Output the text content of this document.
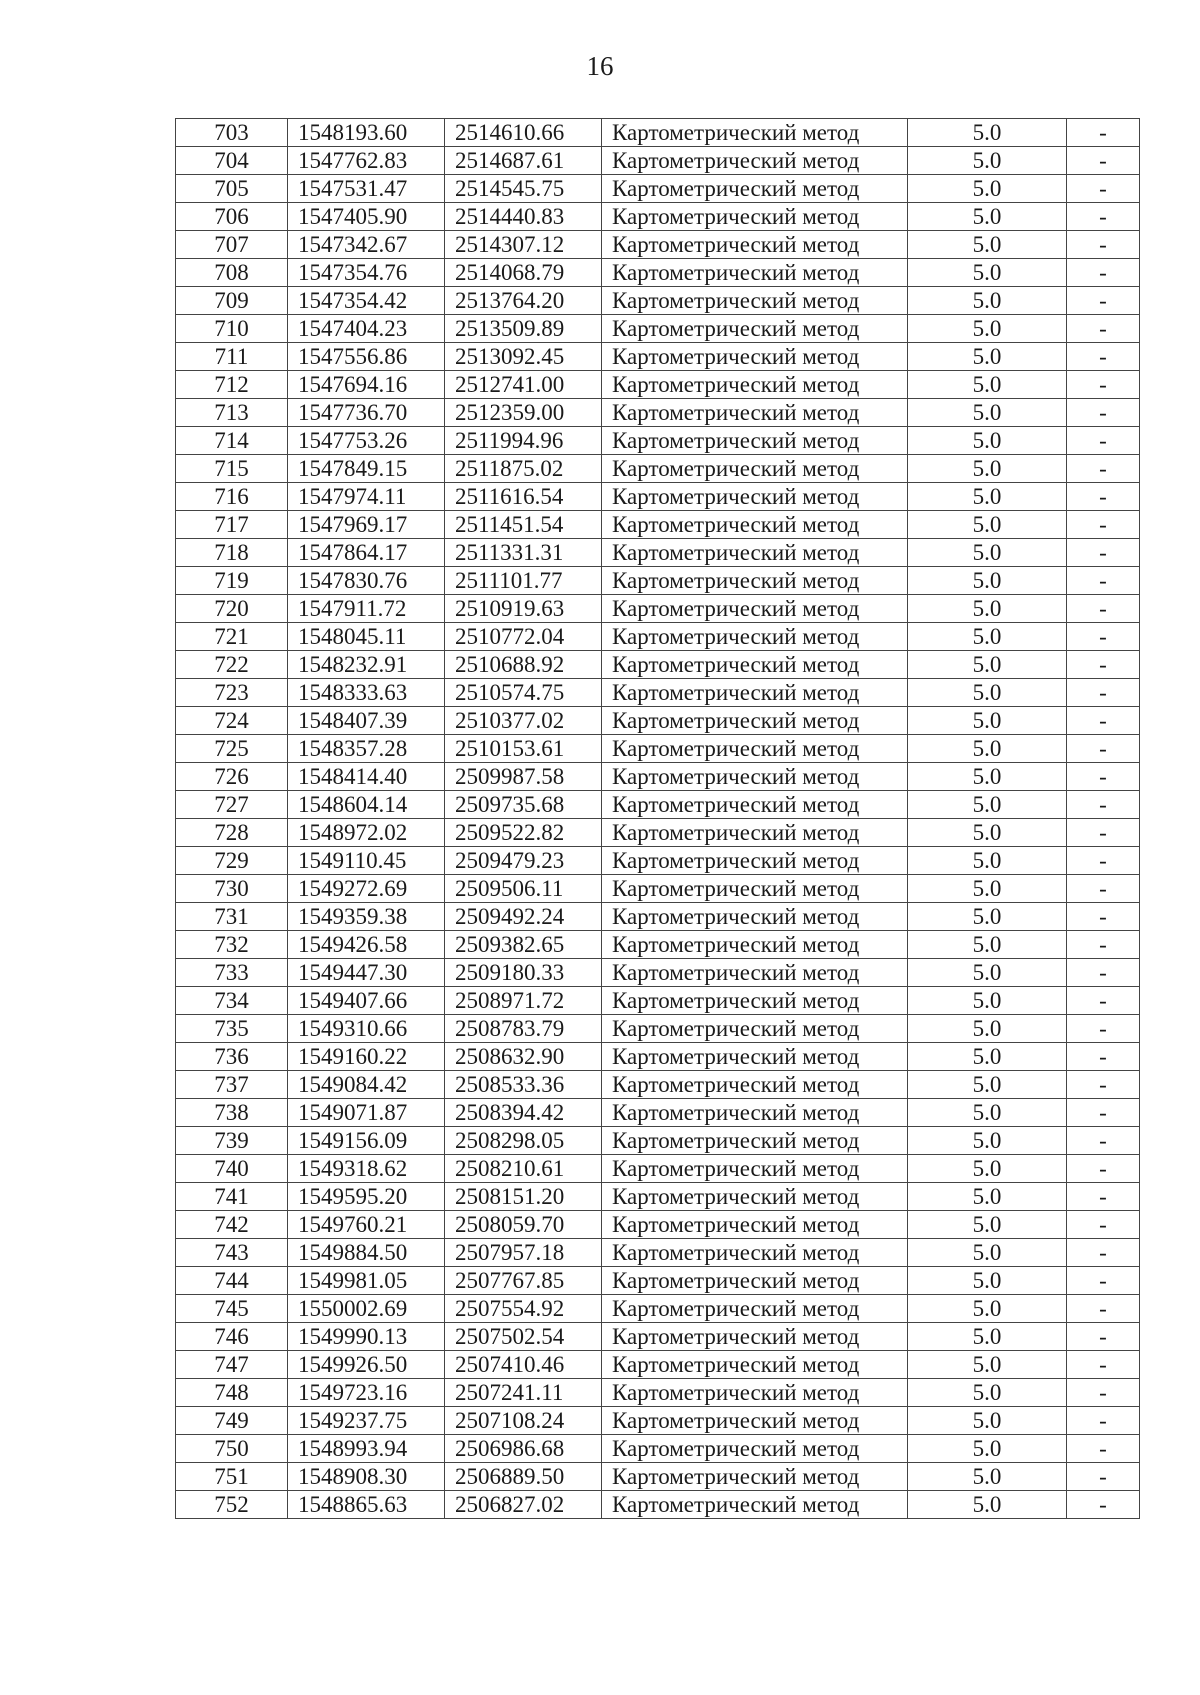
16
703	1548193.60	2514610.66	Картометрический метод	5.0	-
704	1547762.83	2514687.61	Картометрический метод	5.0	-
705	1547531.47	2514545.75	Картометрический метод	5.0	-
706	1547405.90	2514440.83	Картометрический метод	5.0	-
707	1547342.67	2514307.12	Картометрический метод	5.0	-
708	1547354.76	2514068.79	Картометрический метод	5.0	-
709	1547354.42	2513764.20	Картометрический метод	5.0	-
710	1547404.23	2513509.89	Картометрический метод	5.0	-
711	1547556.86	2513092.45	Картометрический метод	5.0	-
712	1547694.16	2512741.00	Картометрический метод	5.0	-
713	1547736.70	2512359.00	Картометрический метод	5.0	-
714	1547753.26	2511994.96	Картометрический метод	5.0	-
715	1547849.15	2511875.02	Картометрический метод	5.0	-
716	1547974.11	2511616.54	Картометрический метод	5.0	-
717	1547969.17	2511451.54	Картометрический метод	5.0	-
718	1547864.17	2511331.31	Картометрический метод	5.0	-
719	1547830.76	2511101.77	Картометрический метод	5.0	-
720	1547911.72	2510919.63	Картометрический метод	5.0	-
721	1548045.11	2510772.04	Картометрический метод	5.0	-
722	1548232.91	2510688.92	Картометрический метод	5.0	-
723	1548333.63	2510574.75	Картометрический метод	5.0	-
724	1548407.39	2510377.02	Картометрический метод	5.0	-
725	1548357.28	2510153.61	Картометрический метод	5.0	-
726	1548414.40	2509987.58	Картометрический метод	5.0	-
727	1548604.14	2509735.68	Картометрический метод	5.0	-
728	1548972.02	2509522.82	Картометрический метод	5.0	-
729	1549110.45	2509479.23	Картометрический метод	5.0	-
730	1549272.69	2509506.11	Картометрический метод	5.0	-
731	1549359.38	2509492.24	Картометрический метод	5.0	-
732	1549426.58	2509382.65	Картометрический метод	5.0	-
733	1549447.30	2509180.33	Картометрический метод	5.0	-
734	1549407.66	2508971.72	Картометрический метод	5.0	-
735	1549310.66	2508783.79	Картометрический метод	5.0	-
736	1549160.22	2508632.90	Картометрический метод	5.0	-
737	1549084.42	2508533.36	Картометрический метод	5.0	-
738	1549071.87	2508394.42	Картометрический метод	5.0	-
739	1549156.09	2508298.05	Картометрический метод	5.0	-
740	1549318.62	2508210.61	Картометрический метод	5.0	-
741	1549595.20	2508151.20	Картометрический метод	5.0	-
742	1549760.21	2508059.70	Картометрический метод	5.0	-
743	1549884.50	2507957.18	Картометрический метод	5.0	-
744	1549981.05	2507767.85	Картометрический метод	5.0	-
745	1550002.69	2507554.92	Картометрический метод	5.0	-
746	1549990.13	2507502.54	Картометрический метод	5.0	-
747	1549926.50	2507410.46	Картометрический метод	5.0	-
748	1549723.16	2507241.11	Картометрический метод	5.0	-
749	1549237.75	2507108.24	Картометрический метод	5.0	-
750	1548993.94	2506986.68	Картометрический метод	5.0	-
751	1548908.30	2506889.50	Картометрический метод	5.0	-
752	1548865.63	2506827.02	Картометрический метод	5.0	-
